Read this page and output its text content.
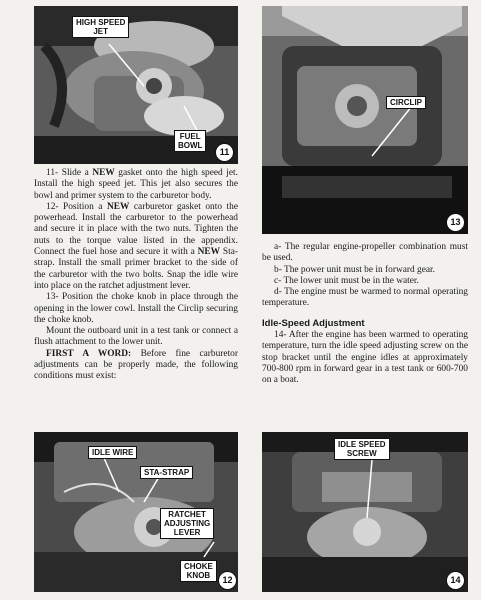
HIGH SPEED
JET
FUEL
BOWL
11
CIRCLIP
13

11- Slide a NEW gasket onto the high speed jet. Install the high speed jet. This jet also secures the bowl and primer system to the carburetor body.

12- Position a NEW carburetor gasket onto the powerhead. Install the carburetor to the powerhead and secure it in place with the two nuts. Tighten the nuts to the torque value listed in the appendix. Connect the fuel hose and secure it with a NEW Sta-strap. Install the small primer bracket to the side of the carburetor with the two bolts. Snap the idle wire into place on the ratchet adjustment lever.

13- Position the choke knob in place through the opening in the lower cowl. Install the Circlip securing the choke knob.

Mount the outboard unit in a test tank or connect a flush attachment to the lower unit.

FIRST A WORD: Before fine carburetor adjustments can be properly made, the following conditions must exist:

a- The regular engine-propeller combination must be used.

b- The power unit must be in forward gear.

c- The lower unit must be in the water.

d- The engine must be warmed to normal operating temperature.

Idle-Speed Adjustment

14- After the engine has been warmed to operating temperature, turn the idle speed adjusting screw on the stop bracket until the engine idles at approximately 700-800 rpm in forward gear in a test tank or 600-700 on a boat.

IDLE WIRE
STA-STRAP
RATCHET
ADJUSTING
LEVER
CHOKE
KNOB	12
IDLE SPEED
SCREW
14
